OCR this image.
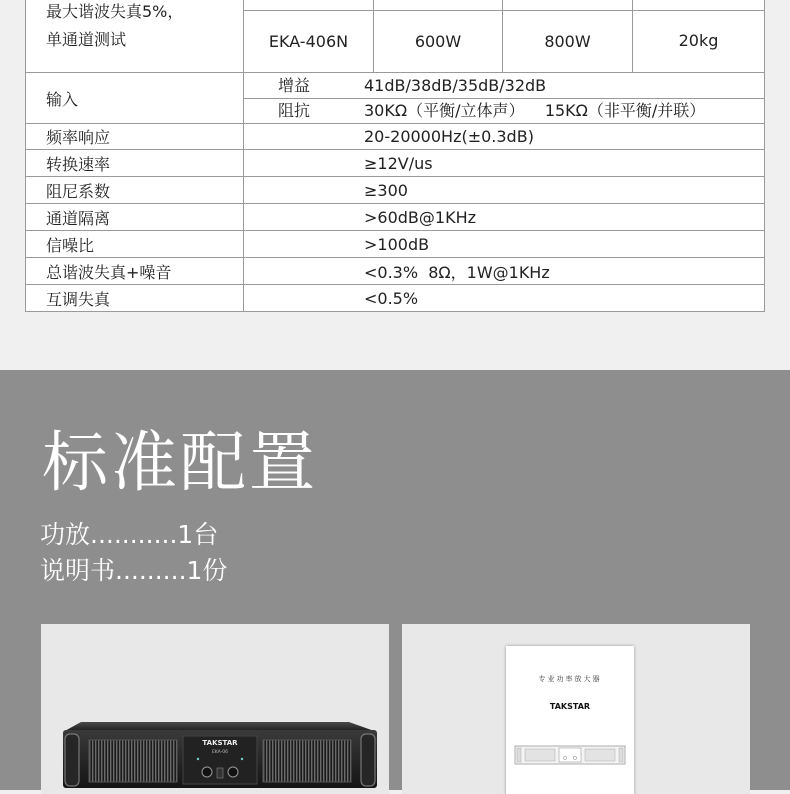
最大谐波失真5%，
单通道测试				

	EKA-406N	600W	800W	20kg
输入	增益 41dB/38dB/35dB/32dB
阻抗 30KΩ（平衡/立体声）    15KΩ（非平衡/并联）			

频率响应	20-20000Hz(±0.3dB)			
转换速率	≥12V/us			
阻尼系数	≥300			
通道隔离	>60dB@1KHz			
信噪比	>100dB			
总谐波失真+噪音	<0.3%  8Ω，1W@1KHz			
互调失真	<0.5%			
标准配置
功放...........1台
说明书.........1份
TAKSTAR
EKA-06
专业功率放大器
TAKSTAR
